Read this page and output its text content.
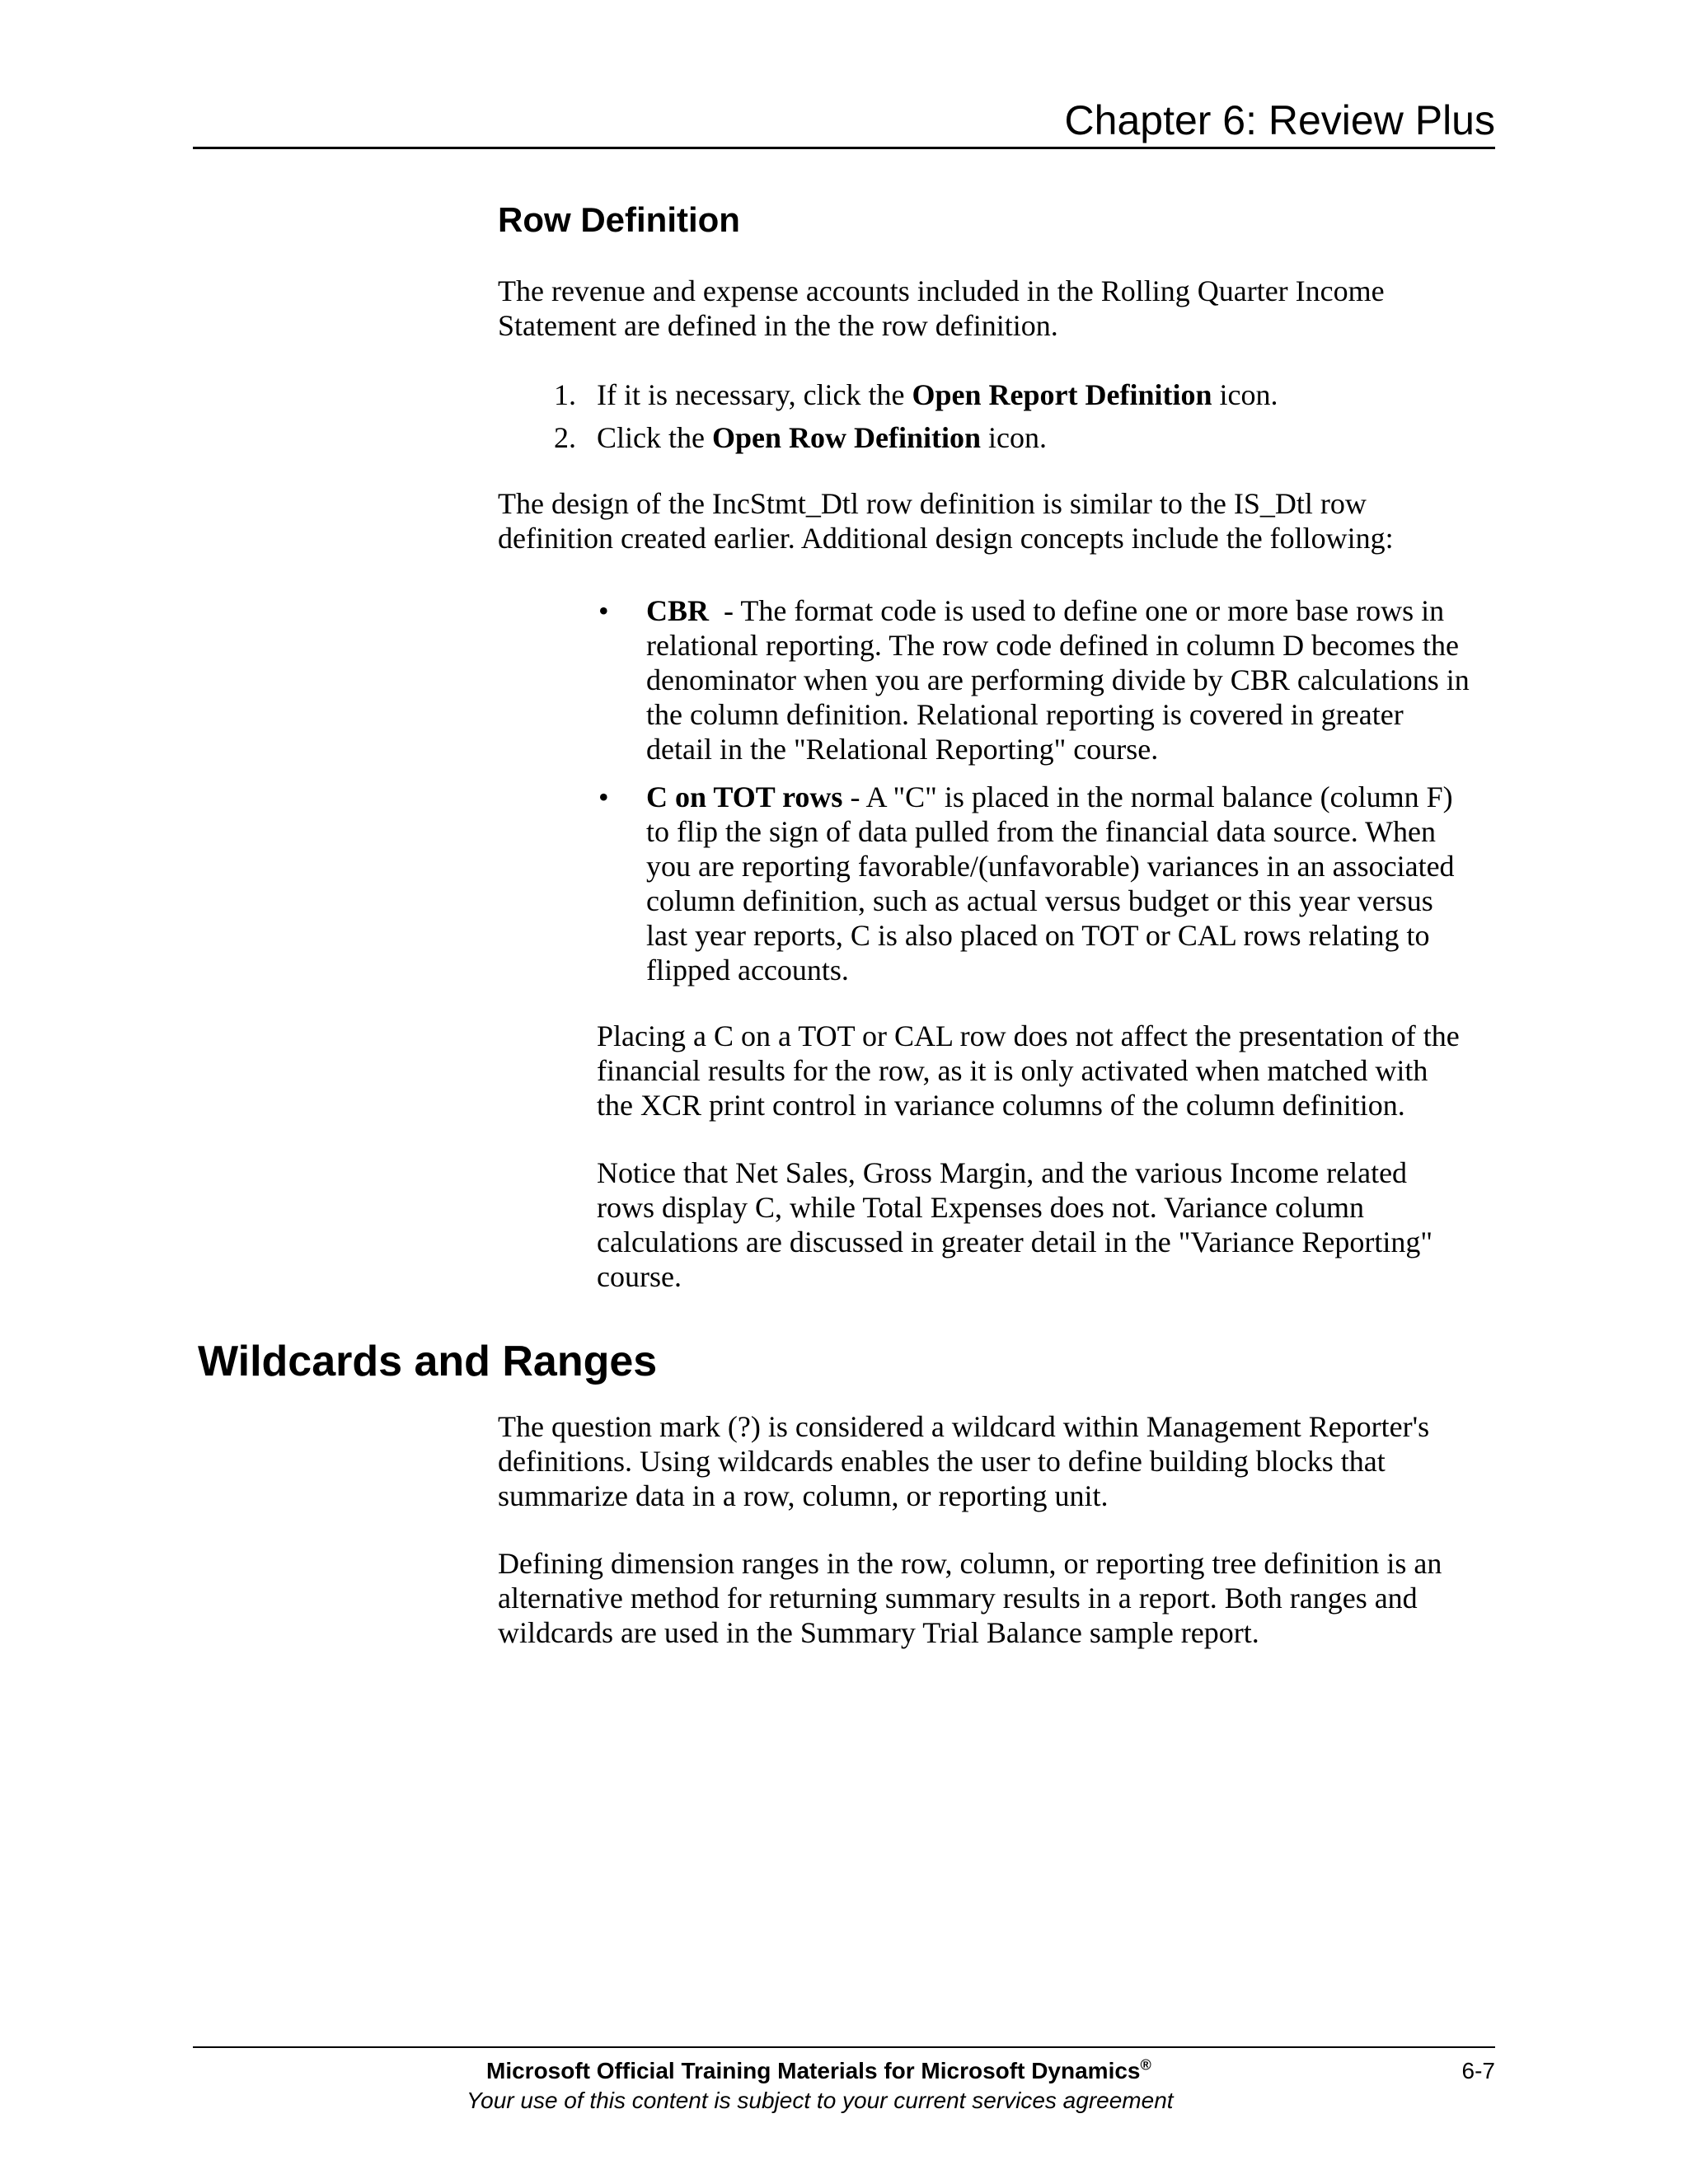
Chapter 6: Review Plus
Row Definition

The revenue and expense accounts included in the Rolling Quarter Income
Statement are defined in the the row definition.

1. If it is necessary, click the Open Report Definition icon.
2. Click the Open Row Definition icon.

The design of the IncStmt_Dtl row definition is similar to the IS_Dtl row
definition created earlier. Additional design concepts include the following:

• CBR  - The format code is used to define one or more base rows in
relational reporting. The row code defined in column D becomes the
denominator when you are performing divide by CBR calculations in
the column definition. Relational reporting is covered in greater
detail in the "Relational Reporting" course.
• C on TOT rows - A "C" is placed in the normal balance (column F)
to flip the sign of data pulled from the financial data source. When
you are reporting favorable/(unfavorable) variances in an associated
column definition, such as actual versus budget or this year versus
last year reports, C is also placed on TOT or CAL rows relating to
flipped accounts.

Placing a C on a TOT or CAL row does not affect the presentation of the
financial results for the row, as it is only activated when matched with
the XCR print control in variance columns of the column definition.

Notice that Net Sales, Gross Margin, and the various Income related
rows display C, while Total Expenses does not. Variance column
calculations are discussed in greater detail in the "Variance Reporting"
course.

Wildcards and Ranges

The question mark (?) is considered a wildcard within Management Reporter's
definitions. Using wildcards enables the user to define building blocks that
summarize data in a row, column, or reporting unit.

Defining dimension ranges in the row, column, or reporting tree definition is an
alternative method for returning summary results in a report. Both ranges and
wildcards are used in the Summary Trial Balance sample report.

Microsoft Official Training Materials for Microsoft Dynamics®
Your use of this content is subject to your current services agreement
6-7
